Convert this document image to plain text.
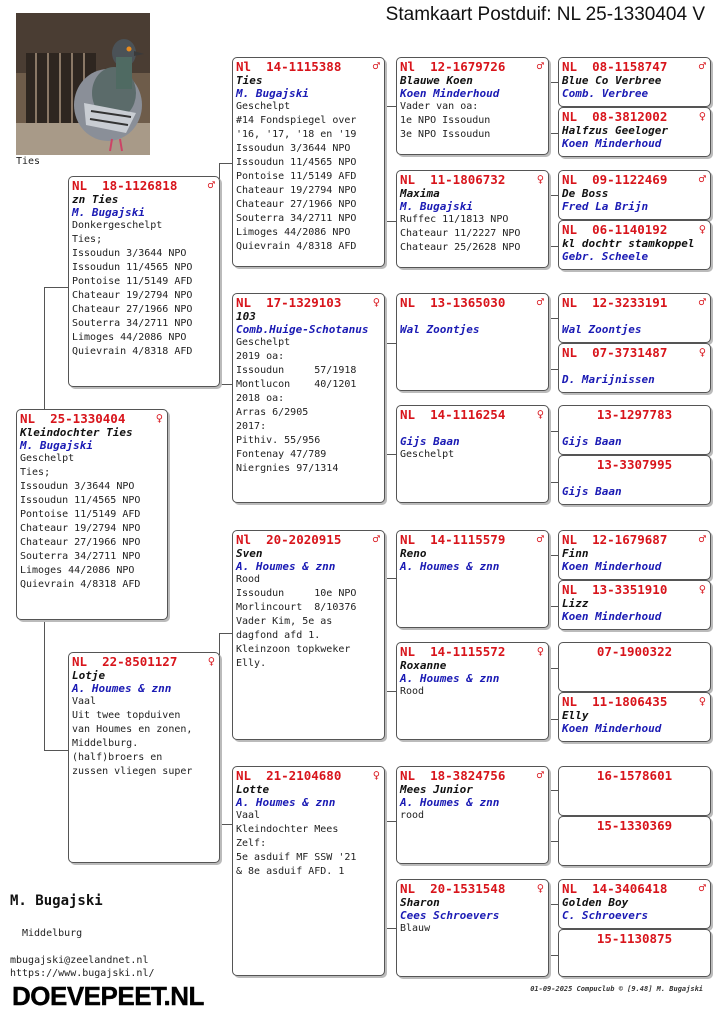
Stamkaart Postduif: NL 25-1330404 V
Ties
NL  25-1330404	♀
Kleindochter Ties
M. Bugajski
Geschelpt
Ties;
Issoudun 3/3644 NPO
Issoudun 11/4565 NPO
Pontoise 11/5149 AFD
Chateaur 19/2794 NPO
Chateaur 27/1966 NPO
Souterra 34/2711 NPO
Limoges 44/2086 NPO
Quievrain 4/8318 AFD
NL  18-1126818	♂
zn Ties
M. Bugajski
Donkergeschelpt
Ties;
Issoudun 3/3644 NPO
Issoudun 11/4565 NPO
Pontoise 11/5149 AFD
Chateaur 19/2794 NPO
Chateaur 27/1966 NPO
Souterra 34/2711 NPO
Limoges 44/2086 NPO
Quievrain 4/8318 AFD
NL  22-8501127	♀
Lotje
A. Houmes & znn
Vaal
Uit twee topduiven
van Houmes en zonen,
Middelburg.
(half)broers en
zussen vliegen super
Nl  14-1115388	♂
Ties
M. Bugajski
Geschelpt
#14 Fondspiegel over
'16, '17, '18 en '19
Issoudun 3/3644 NPO
Issoudun 11/4565 NPO
Pontoise 11/5149 AFD
Chateaur 19/2794 NPO
Chateaur 27/1966 NPO
Souterra 34/2711 NPO
Limoges 44/2086 NPO
Quievrain 4/8318 AFD
NL  17-1329103	♀
103
Comb.Huige-Schotanus
Geschelpt
2019 oa:
Issoudun     57/1918
Montlucon    40/1201
2018 oa:
Arras 6/2905
2017:
Pithiv. 55/956
Fontenay 47/789
Niergnies 97/1314
Nl  20-2020915	♂
Sven
A. Houmes & znn
Rood
Issoudun     10e NPO
Morlincourt  8/10376
Vader Kim, 5e as
dagfond afd 1.
Kleinzoon topkweker
Elly.
NL  21-2104680	♀
Lotte
A. Houmes & znn
Vaal
Kleindochter Mees
Zelf:
5e asduif MF SSW '21
& 8e asduif AFD. 1
Nl  12-1679726	♂
Blauwe Koen
Koen Minderhoud
Vader van oa:
1e NPO Issoudun
3e NPO Issoudun
NL  11-1806732	♀
Maxima
M. Bugajski
Ruffec 11/1813 NPO
Chateaur 11/2227 NPO
Chateaur 25/2628 NPO
NL  13-1365030	♂
Wal Zoontjes
NL  14-1116254	♀
Gijs Baan
Geschelpt
NL  14-1115579	♂
Reno
A. Houmes & znn
NL  14-1115572	♀
Roxanne
A. Houmes & znn
Rood
NL  18-3824756	♂
Mees Junior
A. Houmes & znn
rood
NL  20-1531548	♀
Sharon
Cees Schroevers
Blauw
NL  08-1158747	♂
Blue Co Verbree
Comb. Verbree
NL  08-3812002	♀
Halfzus Geeloger
Koen Minderhoud
NL  09-1122469	♂
De Boss
Fred La Brijn
NL  06-1140192	♀
kl dochtr stamkoppel
Gebr. Scheele
NL  12-3233191	♂
Wal Zoontjes
NL  07-3731487	♀
D. Marijnissen
13-1297783
Gijs Baan
13-3307995
Gijs Baan
NL  12-1679687	♂
Finn
Koen Minderhoud
NL  13-3351910	♀
Lizz
Koen Minderhoud
07-1900322
NL  11-1806435	♀
Elly
Koen Minderhoud
16-1578601
15-1330369
NL  14-3406418	♂
Golden Boy
C. Schroevers
15-1130875
M. Bugajski
Middelburg
mbugajski@zeelandnet.nl
https://www.bugajski.nl/
DOEVEPEET.NL	01-09-2025 Compuclub © [9.48] M. Bugajski
